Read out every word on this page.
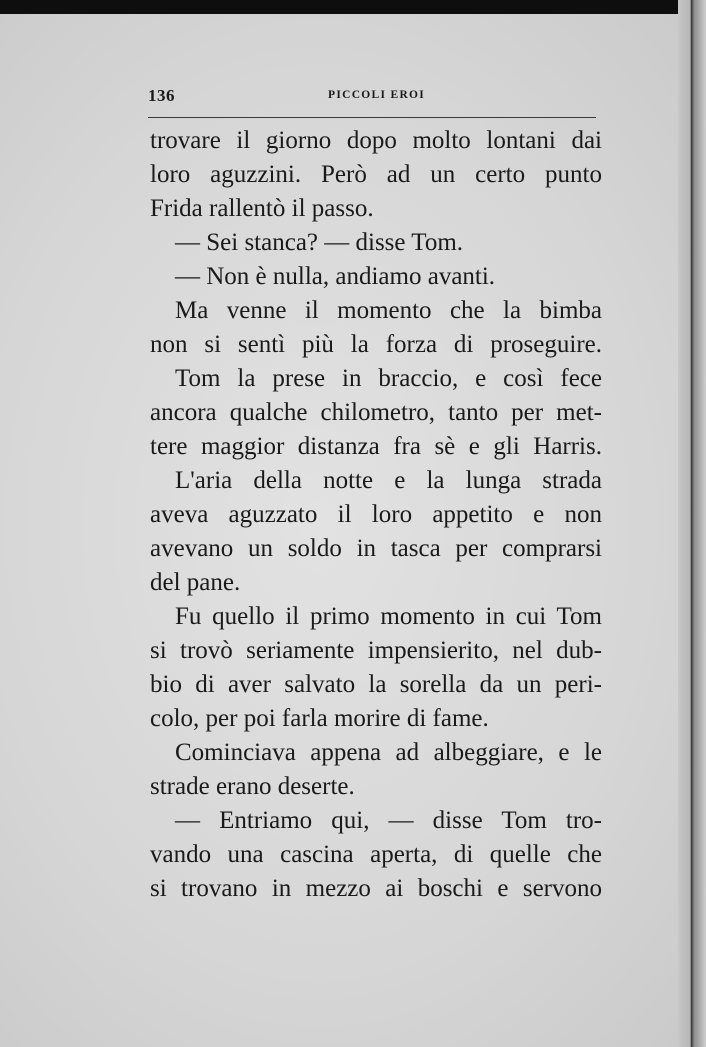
136	PICCOLI EROI
trovare il giorno dopo molto lontani dai
loro aguzzini. Però ad un certo punto
Frida rallentò il passo.
— Sei stanca? — disse Tom.
— Non è nulla, andiamo avanti.
Ma venne il momento che la bimba
non si sentì più la forza di proseguire.
Tom la prese in braccio, e così fece
ancora qualche chilometro, tanto per met-
tere maggior distanza fra sè e gli Harris.
L'aria della notte e la lunga strada
aveva aguzzato il loro appetito e non
avevano un soldo in tasca per comprarsi
del pane.
Fu quello il primo momento in cui Tom
si trovò seriamente impensierito, nel dub-
bio di aver salvato la sorella da un peri-
colo, per poi farla morire di fame.
Cominciava appena ad albeggiare, e le
strade erano deserte.
— Entriamo qui, — disse Tom tro-
vando una cascina aperta, di quelle che
si trovano in mezzo ai boschi e servono
